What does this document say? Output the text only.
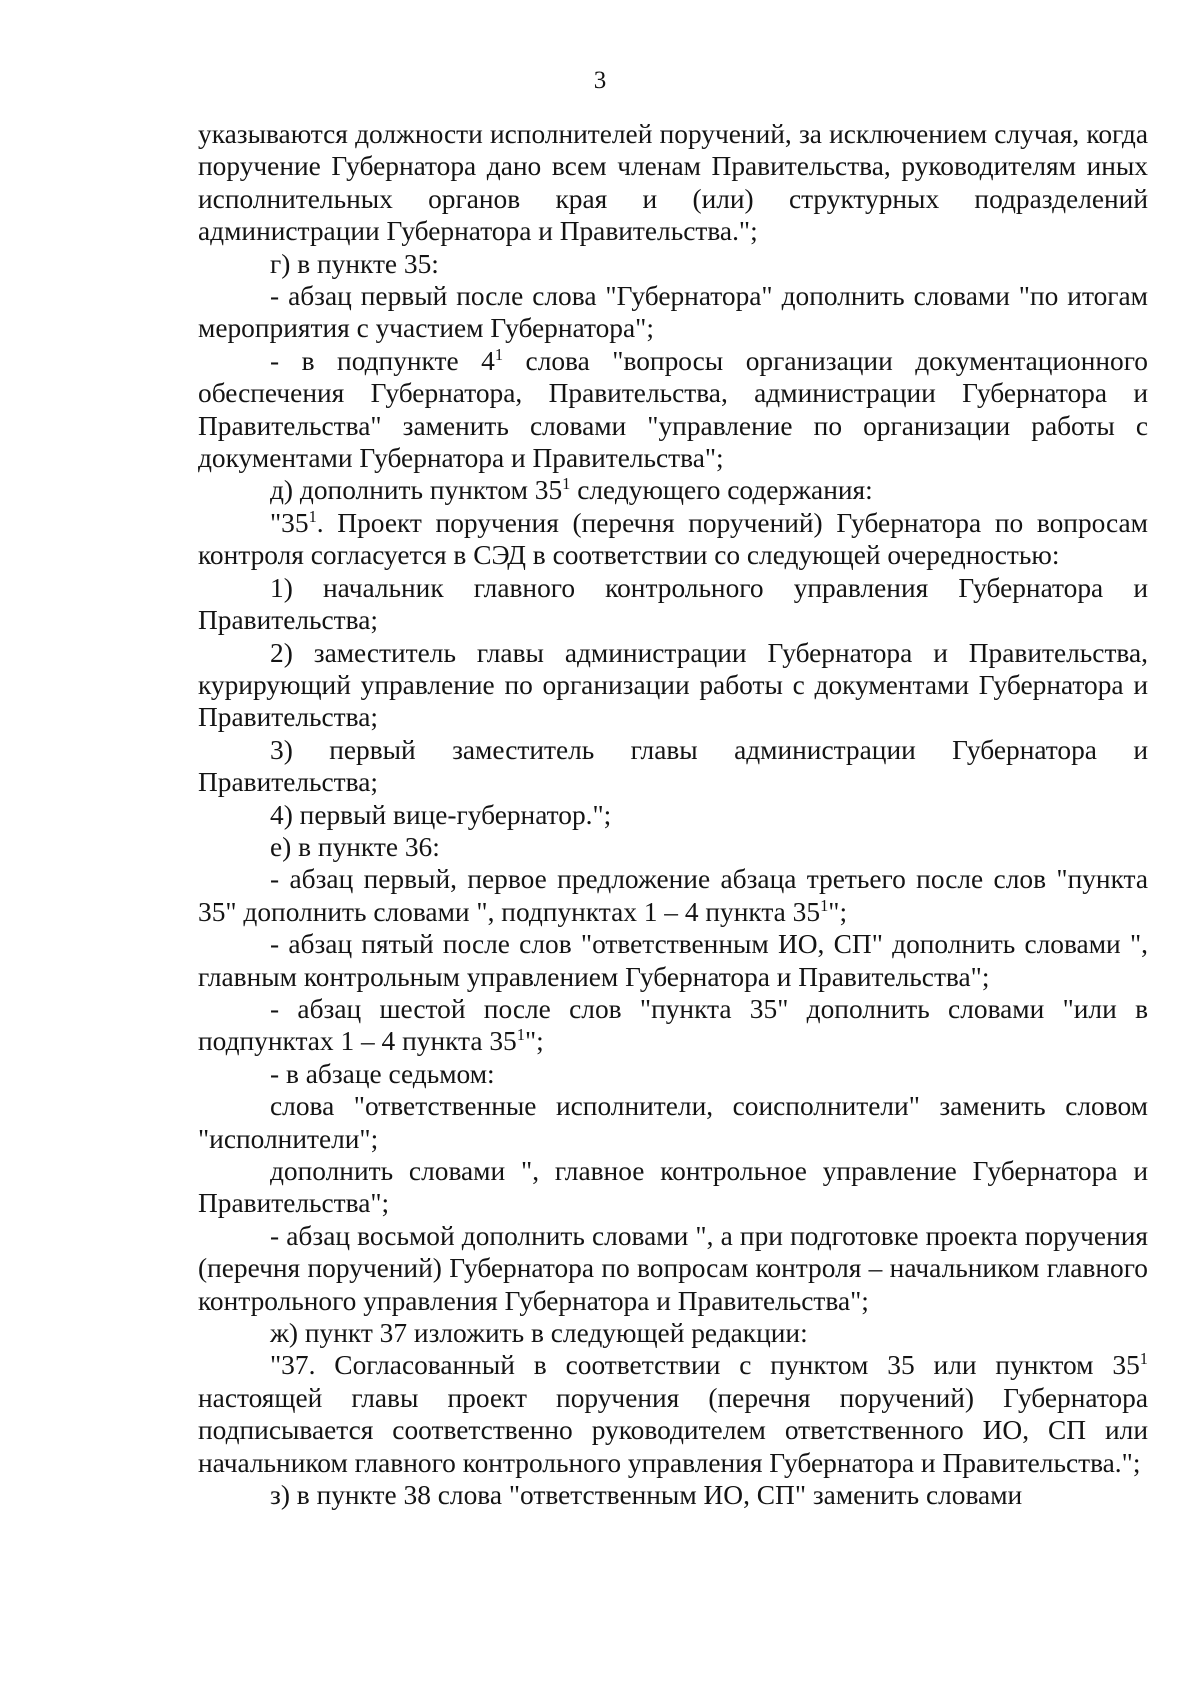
3

указываются должности исполнителей поручений, за исключением случая, когда поручение Губернатора дано всем членам Правительства, руководителям иных исполнительных органов края и (или) структурных подразделений администрации Губернатора и Правительства.";

г) в пункте 35:

- абзац первый после слова "Губернатора" дополнить словами "по итогам мероприятия с участием Губернатора";

- в подпункте $4^1$ слова "вопросы организации документационного обеспечения Губернатора, Правительства, администрации Губернатора и Правительства" заменить словами "управление по организации работы с документами Губернатора и Правительства";

д) дополнить пунктом $35^1$ следующего содержания:

"$35^1$. Проект поручения (перечня поручений) Губернатора по вопросам контроля согласуется в СЭД в соответствии со следующей очередностью:

1) начальник главного контрольного управления Губернатора и Правительства;

2) заместитель главы администрации Губернатора и Правительства, курирующий управление по организации работы с документами Губернатора и Правительства;

3) первый заместитель главы администрации Губернатора и Правительства;

4) первый вице-губернатор.";

е) в пункте 36:

- абзац первый, первое предложение абзаца третьего после слов "пункта 35" дополнить словами ", подпунктах 1 – 4 пункта $35^1$";

- абзац пятый после слов "ответственным ИО, СП" дополнить словами ", главным контрольным управлением Губернатора и Правительства";

- абзац шестой после слов "пункта 35" дополнить словами "или в подпунктах 1 – 4 пункта $35^1$";

- в абзаце седьмом:

слова "ответственные исполнители, соисполнители" заменить словом "исполнители";

дополнить словами ", главное контрольное управление Губернатора и Правительства";

- абзац восьмой дополнить словами ", а при подготовке проекта поручения (перечня поручений) Губернатора по вопросам контроля – начальником главного контрольного управления Губернатора и Правительства";

ж) пункт 37 изложить в следующей редакции:

"37. Согласованный в соответствии с пунктом 35 или пунктом $35^1$ настоящей главы проект поручения (перечня поручений) Губернатора подписывается соответственно руководителем ответственного ИО, СП или начальником главного контрольного управления Губернатора и Правительства.";

з) в пункте 38 слова "ответственным ИО, СП" заменить словами
